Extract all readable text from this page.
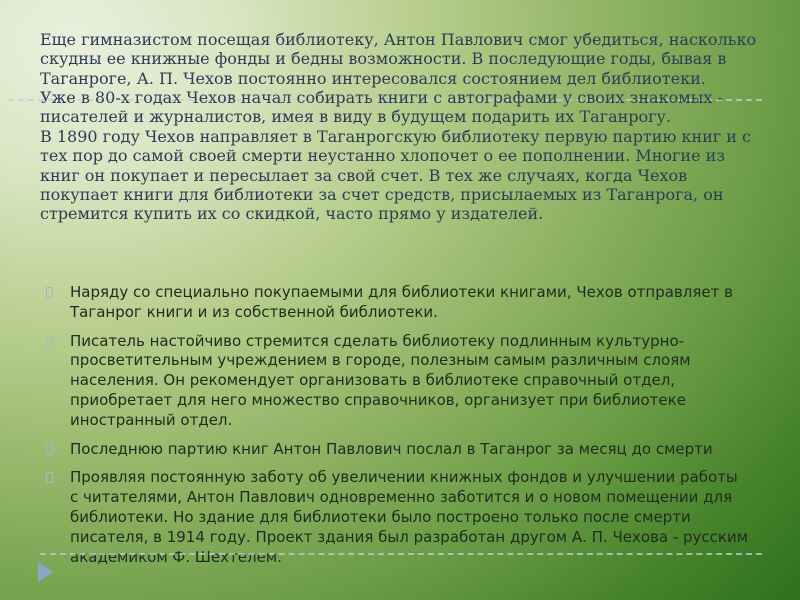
Еще гимназистом посещая библиотеку, Антон Павлович смог убедиться, насколько скудны ее книжные фонды и бедны возможности. В последующие годы, бывая в Таганроге, А. П. Чехов постоянно интересовался состоянием дел библиотеки.

Уже в 80-х годах Чехов начал собирать книги с автографами у своих знакомых - писателей и журналистов, имея в виду в будущем подарить их Таганрогу.

В 1890 году Чехов направляет в Таганрогскую библиотеку первую партию книг и с тех пор до самой своей смерти неустанно хлопочет о ее пополнении. Многие из книг он покупает и пересылает за свой счет. В тех же случаях, когда Чехов покупает книги для библиотеки за счет средств, присылаемых из Таганрога, он стремится купить их со скидкой, часто прямо у издателей.

Наряду со специально покупаемыми для библиотеки книгами, Чехов отправляет в Таганрог книги и из собственной библиотеки.
Писатель настойчиво стремится сделать библиотеку подлинным культурно-просветительным учреждением в городе, полезным самым различным слоям населения. Он рекомендует организовать в библиотеке справочный отдел, приобретает для него множество справочников, организует при библиотеке иностранный отдел.
Последнюю партию книг Антон Павлович послал в Таганрог за месяц до смерти
Проявляя постоянную заботу об увеличении книжных фондов и улучшении работы с читателями, Антон Павлович одновременно заботится и о новом помещении для библиотеки. Но здание для библиотеки было построено только после смерти писателя, в 1914 году. Проект здания был разработан другом А. П. Чехова - русским академиком Ф. Шехтелем.
